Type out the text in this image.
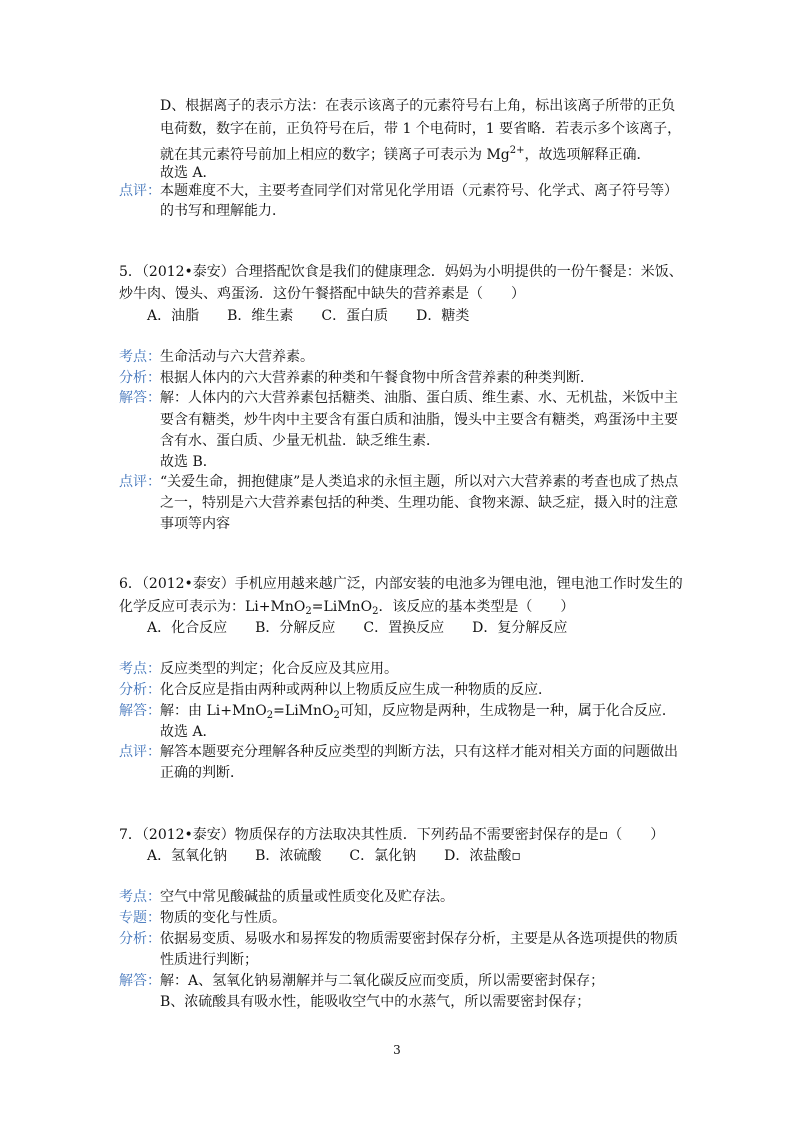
D、根据离子的表示方法：在表示该离子的元素符号右上角，标出该离子所带的正负
电荷数，数字在前，正负符号在后，带 1 个电荷时，1 要省略．若表示多个该离子，
就在其元素符号前加上相应的数字；镁离子可表示为 $Mg^{2+}$，故选项解释正确．
故选 A．
点评： 本题难度不大，主要考查同学们对常见化学用语（元素符号、化学式、离子符号等）
的书写和理解能力．
5．（2012•泰安）合理搭配饮食是我们的健康理念．妈妈为小明提供的一份午餐是：米饭、
炒牛肉、馒头、鸡蛋汤．这份午餐搭配中缺失的营养素是（　　）
A．油脂　　B．维生素　　C．蛋白质　　D．糖类
考点： 生命活动与六大营养素。
分析： 根据人体内的六大营养素的种类和午餐食物中所含营养素的种类判断．
解答： 解：人体内的六大营养素包括糖类、油脂、蛋白质、维生素、水、无机盐，米饭中主
要含有糖类，炒牛肉中主要含有蛋白质和油脂，馒头中主要含有糖类，鸡蛋汤中主要
含有水、蛋白质、少量无机盐．缺乏维生素．
故选 B．
点评： “关爱生命，拥抱健康”是人类追求的永恒主题，所以对六大营养素的考查也成了热点
之一，特别是六大营养素包括的种类、生理功能、食物来源、缺乏症，摄入时的注意
事项等内容
6．（2012•泰安）手机应用越来越广泛，内部安装的电池多为锂电池，锂电池工作时发生的
化学反应可表示为：Li+MnO$_2$=LiMnO$_2$．该反应的基本类型是（　　）
A．化合反应　　B．分解反应　　C．置换反应　　D．复分解反应
考点： 反应类型的判定；化合反应及其应用。
分析： 化合反应是指由两种或两种以上物质反应生成一种物质的反应．
解答： 解：由 Li+MnO$_2$=LiMnO$_2$可知，反应物是两种，生成物是一种，属于化合反应．
故选 A．
点评： 解答本题要充分理解各种反应类型的判断方法，只有这样才能对相关方面的问题做出
正确的判断．
7．（2012•泰安）物质保存的方法取决其性质．下列药品不需要密封保存的是▫（　　）
A．氢氧化钠　　B．浓硫酸　　C．氯化钠　　D．浓盐酸▫
考点： 空气中常见酸碱盐的质量或性质变化及贮存法。
专题： 物质的变化与性质。
分析： 依据易变质、易吸水和易挥发的物质需要密封保存分析，主要是从各选项提供的物质
性质进行判断；
解答： 解：A、氢氧化钠易潮解并与二氧化碳反应而变质，所以需要密封保存；
B、浓硫酸具有吸水性，能吸收空气中的水蒸气，所以需要密封保存；
3
